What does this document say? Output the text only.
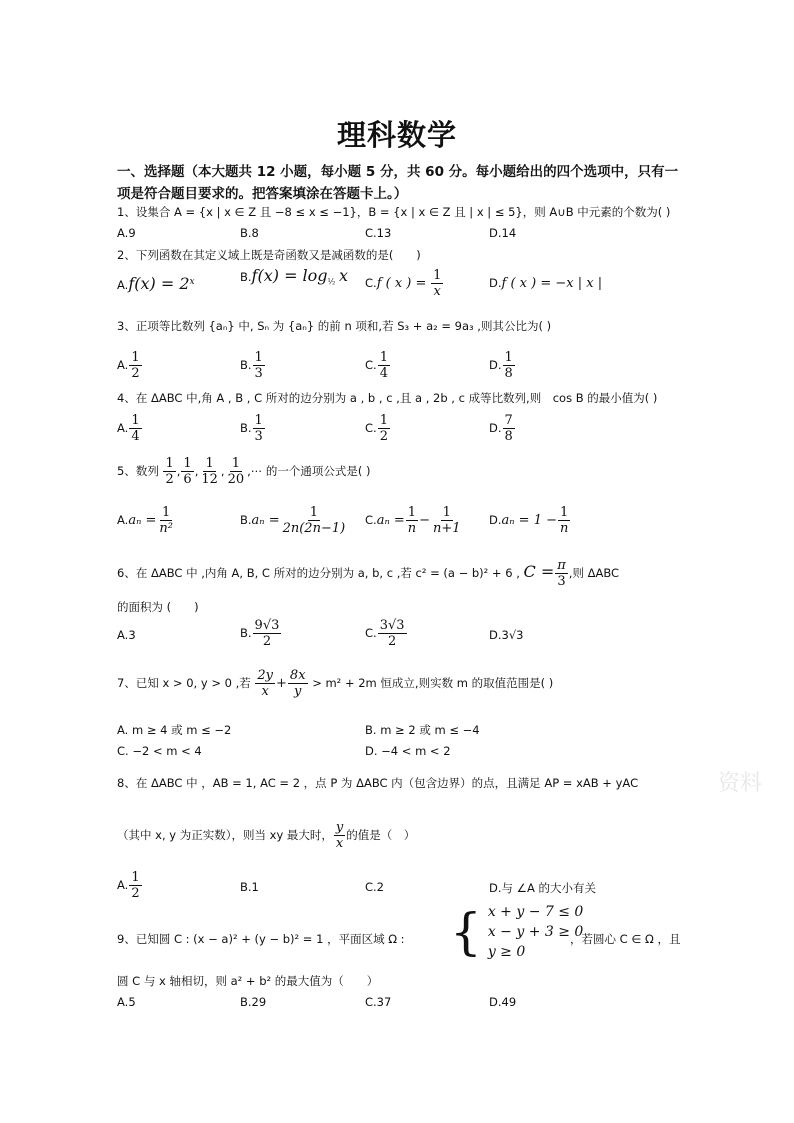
理科数学
一、选择题（本大题共 12 小题，每小题 5 分，共 60 分。每小题给出的四个选项中，只有一
项是符合题目要求的。把答案填涂在答题卡上。）
1、设集合 A = {x | x ∈ Z 且 −8 ≤ x ≤ −1}，B = {x | x ∈ Z 且 | x | ≤ 5}，则 A∪B 中元素的个数为( )
A.9	B.8	C.13	D.14
2、下列函数在其定义域上既是奇函数又是减函数的是(　　)
$A.f(x) = 2^x$	$B.f(x) = \log_{\frac{1}{2}} x$ C.f ( x ) = $\frac{1}{x}$	D.f ( x ) = −x | x |
3、正项等比数列 {aₙ} 中, Sₙ 为 {aₙ} 的前 n 项和,若 S₃ + a₂ = 9a₃ ,则其公比为( )
A. $\frac{1}{2}$	B. $\frac{1}{3}$	C. $\frac{1}{4}$	D. $\frac{1}{8}$
4、在 ΔABC 中,角 A , B , C 所对的边分别为 a , b , c ,且 a , 2b , c 成等比数列,则　cos B 的最小值为( )
A. $\frac{1}{4}$	B. $\frac{1}{3}$	C. $\frac{1}{2}$	D. $\frac{7}{8}$
5、数列 $\frac{1}{2}$ , $\frac{1}{6}$ , $\frac{1}{12}$ , $\frac{1}{20}$ ,⋯ 的一个通项公式是( )
$A.a_n = \frac{1}{\text{n²}}$	$B.a_n = \frac{1}{2n(2n-1)} C.a_n = \frac{1}{n} - \frac{1}{n+1} D.a_n = 1 - \frac{1}{n}$
6、在 ΔABC 中 ,内角 A, B, C 所对的边分别为 a, b, c ,若 c² = (a − b)² + 6 , $C = \frac{\pi}{3}$ ,则 ΔABC
的面积为 (　　)
A.3	B. $\frac{9√3}{2}$	C. $\frac{3√3}{2}$	D.3√3
7、已知 x > 0, y > 0 ,若 $\frac{2y}{x} + \frac{8x}{y} > m^2 + 2m$ 恒成立,则实数 m 的取值范围是( )
A. m ≥ 4 或 m ≤ −2	B. m ≥ 2 或 m ≤ −4
C. −2 < m < 4	D. −4 < m < 2
8、在 ΔABC 中 ，AB = 1, AC = 2 ，点 P 为 ΔABC 内（包含边界）的点，且满足 AP = xAB + yAC	资料
（其中 x, y 为正实数），则当 xy 最大时， $\frac{y}{x}$ 的值是（　）
A. $\frac{1}{2}$	B.1	C.2	D.与 ∠A 的大小有关
9、已知圆 C : (x − a)² + (y − b)² = 1 ，平面区域 Ω : { x + y − 7 ≤ 0
x − y + 3 ≥ 0
y ≥ 0
，若圆心 C ∈ Ω ，且
圆 C 与 x 轴相切，则 a² + b² 的最大值为（　　）
A.5	B.29	C.37	D.49
